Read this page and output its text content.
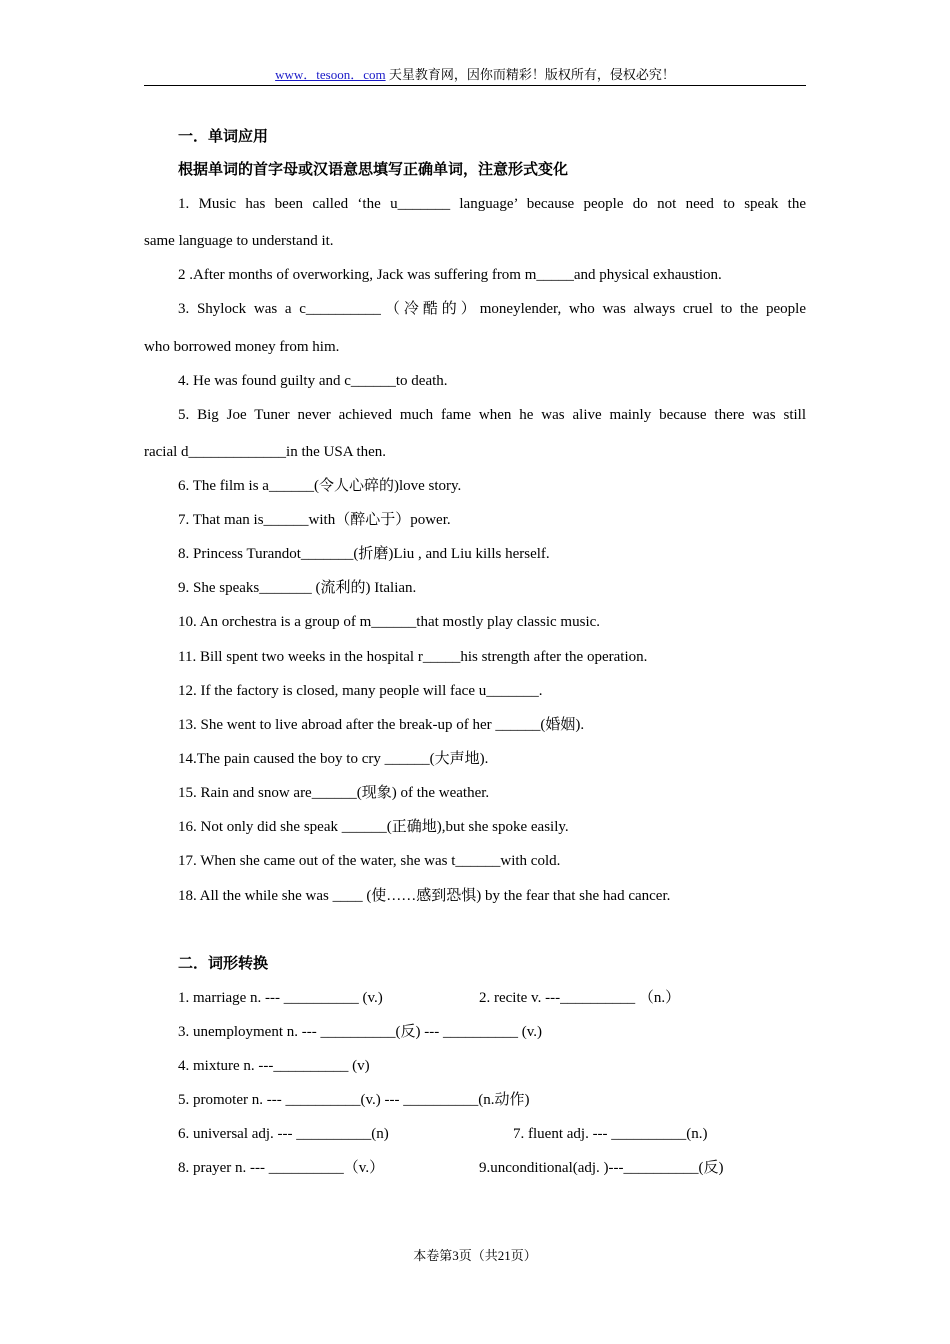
www．tesoon．com 天星教育网，因你而精彩！版权所有，侵权必究！
一．单词应用
根据单词的首字母或汉语意思填写正确单词，注意形式变化
1. Music has been called ‘the u_______ language’ because people do not need to speak the
same language to understand it.
2 .After months of overworking, Jack was suffering from m_____and physical exhaustion.
3. Shylock was a c__________（冷酷的）moneylender, who was always cruel to the people
who borrowed money from him.
4. He was found guilty and c______to death.
5. Big Joe Tuner never achieved much fame when he was alive mainly because there was still
racial d_____________in the USA then.
6. The film is a______(令人心碎的)love story.
7. That man is______with（醉心于）power.
8. Princess Turandot_______(折磨)Liu , and Liu kills herself.
9. She speaks_______ (流利的) Italian.
10. An orchestra is a group of m______that mostly play classic music.
11. Bill spent two weeks in the hospital r_____his strength after the operation.
12. If the factory is closed, many people will face u_______.
13. She went to live abroad after the break-up of her ______(婚姻).
14.The pain caused the boy to cry ______(大声地).
15. Rain and snow are______(现象) of the weather.
16. Not only did she speak ______(正确地),but she spoke easily.
17. When she came out of the water, she was t______with cold.
18. All the while she was ____ (使……感到恐惧) by the fear that she had cancer.
二．词形转换
1. marriage n. --- __________ (v.)	2. recite v. ---__________ （n.）
3. unemployment n. --- __________(反) --- __________ (v.)
4. mixture n. ---__________ (v)
5. promoter n. --- __________(v.) --- __________(n.动作)
6. universal adj. --- __________(n)	7. fluent adj. --- __________(n.)
8. prayer n. --- __________（v.）	9.unconditional(adj. )---__________(反)
本卷第3页（共21页）
